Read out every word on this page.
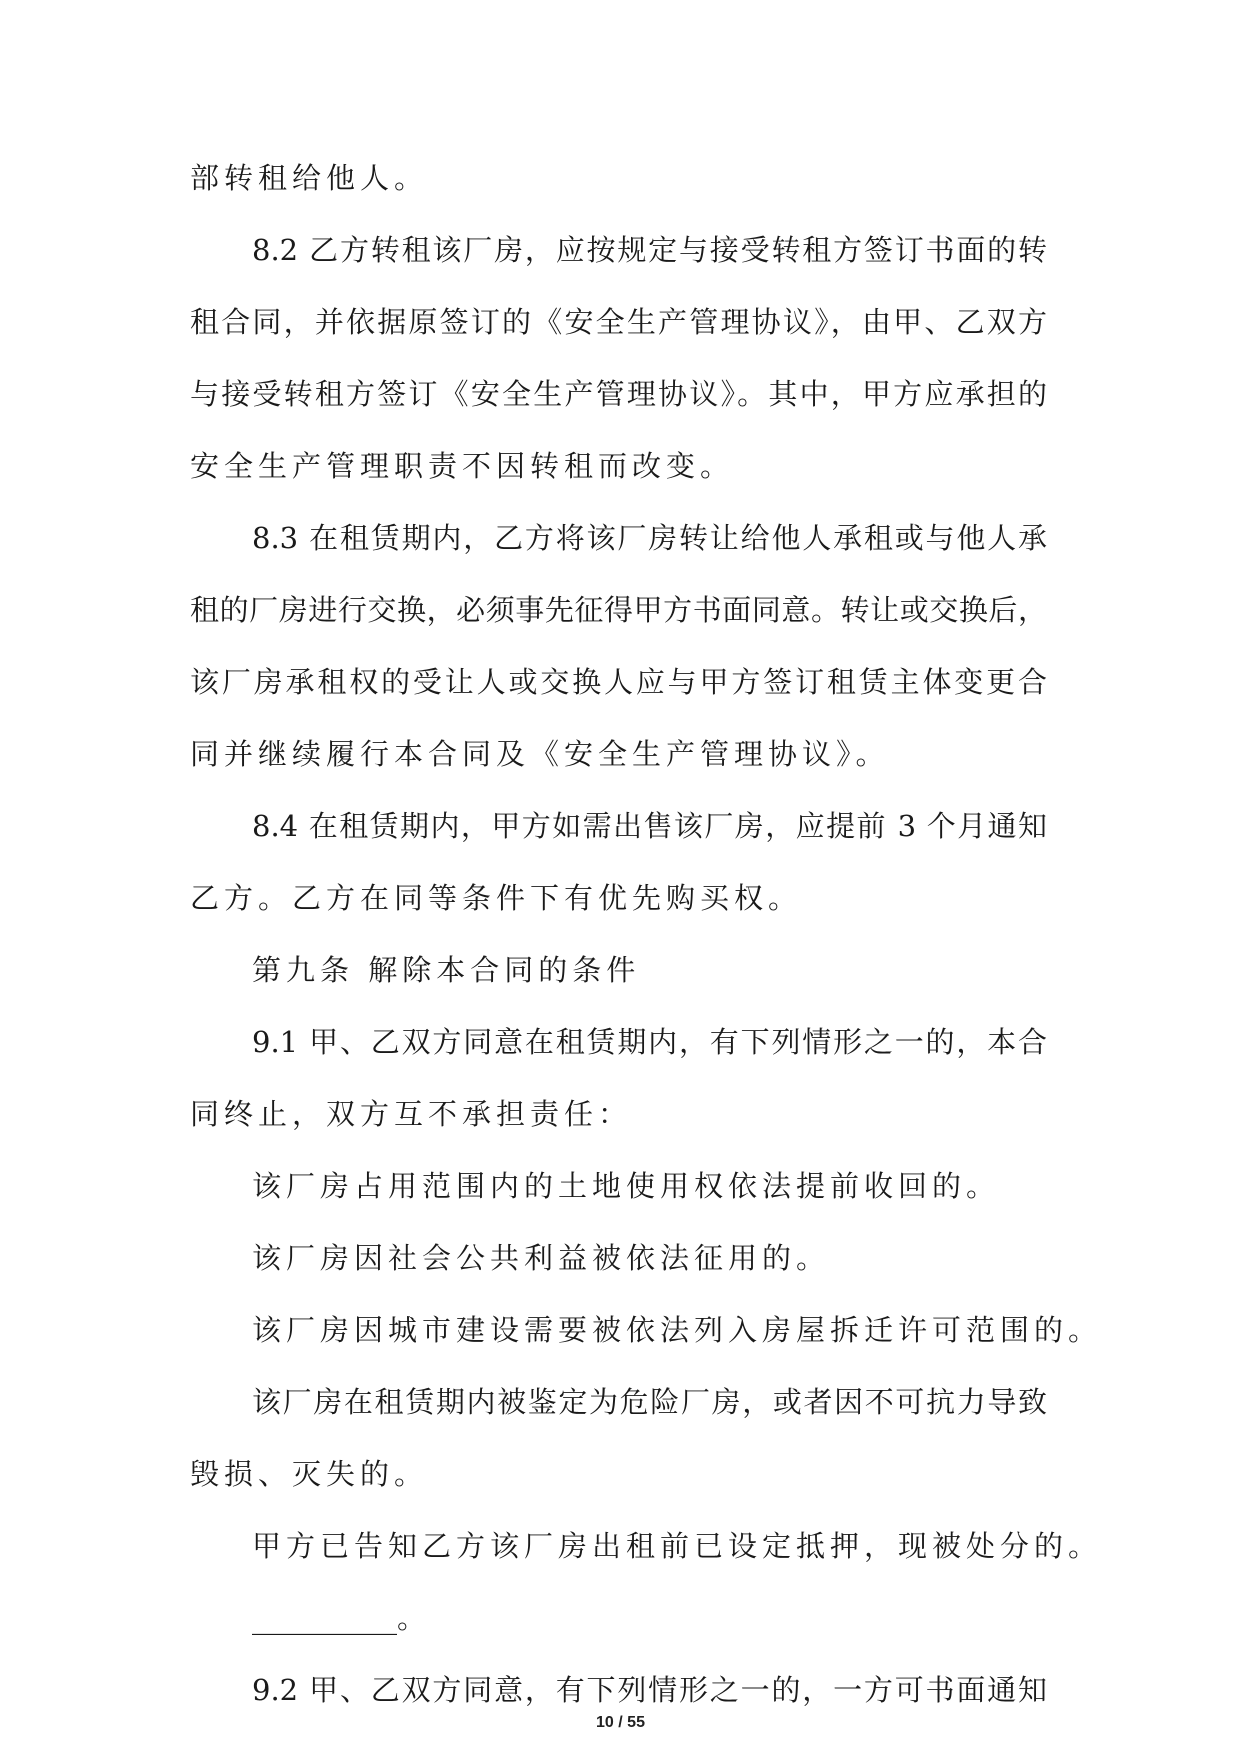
部转租给他人。
8.2 乙方转租该厂房，应按规定与接受转租方签订书面的转
租合同，并依据原签订的《安全生产管理协议》，由甲、乙双方
与接受转租方签订《安全生产管理协议》。其中，甲方应承担的
安全生产管理职责不因转租而改变。
8.3 在租赁期内，乙方将该厂房转让给他人承租或与他人承
租的厂房进行交换，必须事先征得甲方书面同意。转让或交换后，
该厂房承租权的受让人或交换人应与甲方签订租赁主体变更合
同并继续履行本合同及《安全生产管理协议》。
8.4 在租赁期内，甲方如需出售该厂房，应提前 3 个月通知
乙方。乙方在同等条件下有优先购买权。
第九条 解除本合同的条件
9.1 甲、乙双方同意在租赁期内，有下列情形之一的，本合
同终止，双方互不承担责任：
该厂房占用范围内的土地使用权依法提前收回的。
该厂房因社会公共利益被依法征用的。
该厂房因城市建设需要被依法列入房屋拆迁许可范围的。
该厂房在租赁期内被鉴定为危险厂房，或者因不可抗力导致
毁损、灭失的。
甲方已告知乙方该厂房出租前已设定抵押，现被处分的。
__________。
9.2 甲、乙双方同意，有下列情形之一的，一方可书面通知
10 / 55
